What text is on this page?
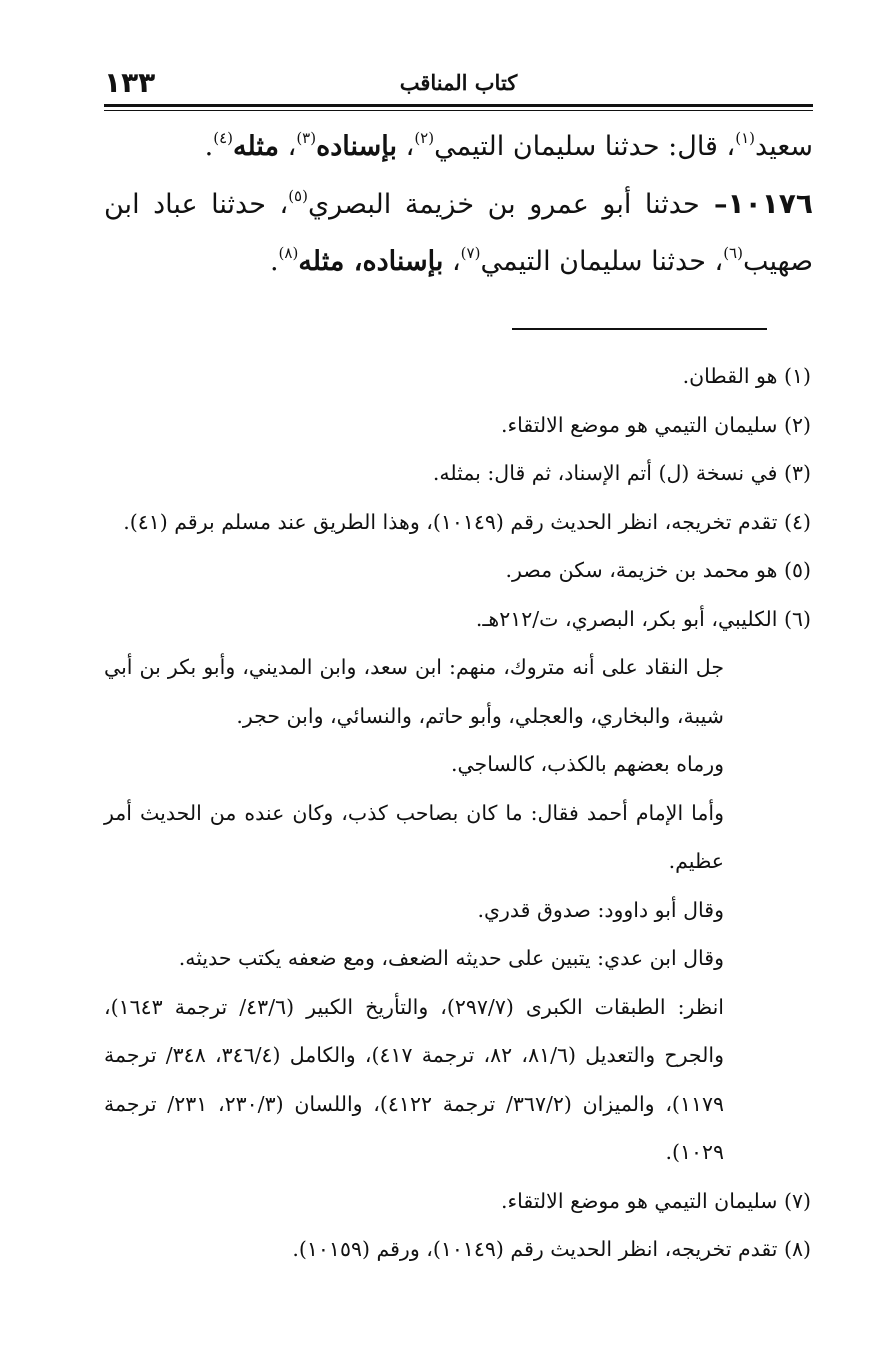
١٣٣	كتاب المناقب

سعيد$^{(١)}$، قال: حدثنا سليمان التيمي$^{(٢)}$، بإسناده$^{(٣)}$، مثله$^{(٤)}$.

١٠١٧٦– حدثنا أبو عمرو بن خزيمة البصري$^{(٥)}$، حدثنا عباد ابن صهيب$^{(٦)}$، حدثنا سليمان التيمي$^{(٧)}$، بإسناده، مثله$^{(٨)}$.

(١) هو القطان.

(٢) سليمان التيمي هو موضع الالتقاء.

(٣) في نسخة (ل) أتم الإسناد، ثم قال: بمثله.

(٤) تقدم تخريجه، انظر الحديث رقم (١٠١٤٩)، وهذا الطريق عند مسلم برقم (٤١).

(٥) هو محمد بن خزيمة، سكن مصر.

(٦) الكليبي، أبو بكر، البصري، ت/٢١٢هـ.

جل النقاد على أنه متروك، منهم: ابن سعد، وابن المديني، وأبو بكر بن أبي شيبة، والبخاري، والعجلي، وأبو حاتم، والنسائي، وابن حجر.

ورماه بعضهم بالكذب، كالساجي.

وأما الإمام أحمد فقال: ما كان بصاحب كذب، وكان عنده من الحديث أمر عظيم.

وقال أبو داوود: صدوق قدري.

وقال ابن عدي: يتبين على حديثه الضعف، ومع ضعفه يكتب حديثه.

انظر: الطبقات الكبرى (٢٩٧/٧)، والتأريخ الكبير (٤٣/٦/ ترجمة ١٦٤٣)، والجرح والتعديل (٨١/٦، ٨٢، ترجمة ٤١٧)، والكامل (٣٤٦/٤، ٣٤٨/ ترجمة ١١٧٩)، والميزان (٣٦٧/٢/ ترجمة ٤١٢٢)، واللسان (٢٣٠/٣، ٢٣١/ ترجمة ١٠٢٩).

(٧) سليمان التيمي هو موضع الالتقاء.

(٨) تقدم تخريجه، انظر الحديث رقم (١٠١٤٩)، ورقم (١٠١٥٩).
